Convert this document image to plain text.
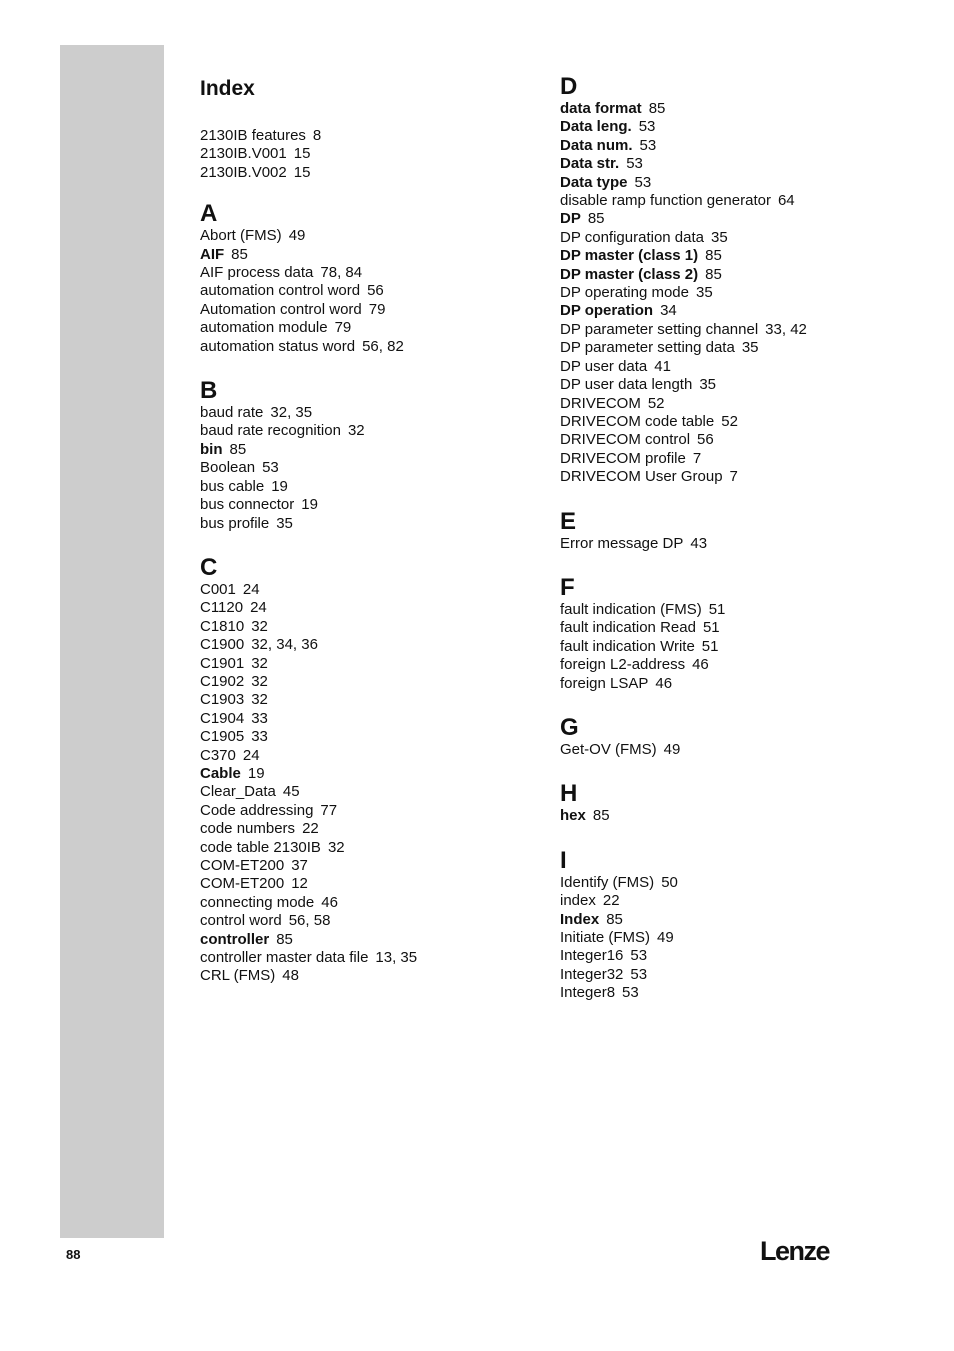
Index
2130IB features 8
2130IB.V001 15
2130IB.V002 15
A
Abort (FMS) 49
AIF 85
AIF process data 78, 84
automation control word 56
Automation control word 79
automation module 79
automation status word 56, 82
B
baud rate 32, 35
baud rate recognition 32
bin 85
Boolean 53
bus cable 19
bus connector 19
bus profile 35
C
C001 24
C1120 24
C1810 32
C1900 32, 34, 36
C1901 32
C1902 32
C1903 32
C1904 33
C1905 33
C370 24
Cable 19
Clear_Data 45
Code addressing 77
code numbers 22
code table 2130IB 32
COM-ET200 37
COM-ET200 12
connecting mode 46
control word 56, 58
controller 85
controller master data file 13, 35
CRL (FMS) 48
D
data format 85
Data leng. 53
Data num. 53
Data str. 53
Data type 53
disable ramp function generator 64
DP 85
DP configuration data 35
DP master (class 1) 85
DP master (class 2) 85
DP operating mode 35
DP operation 34
DP parameter setting channel 33, 42
DP parameter setting data 35
DP user data 41
DP user data length 35
DRIVECOM 52
DRIVECOM code table 52
DRIVECOM control 56
DRIVECOM profile 7
DRIVECOM User Group 7
E
Error message DP 43
F
fault indication (FMS) 51
fault indication Read 51
fault indication Write 51
foreign L2-address 46
foreign LSAP 46
G
Get-OV (FMS) 49
H
hex 85
I
Identify (FMS) 50
index 22
Index 85
Initiate (FMS) 49
Integer16 53
Integer32 53
Integer8 53
88	Lenze
